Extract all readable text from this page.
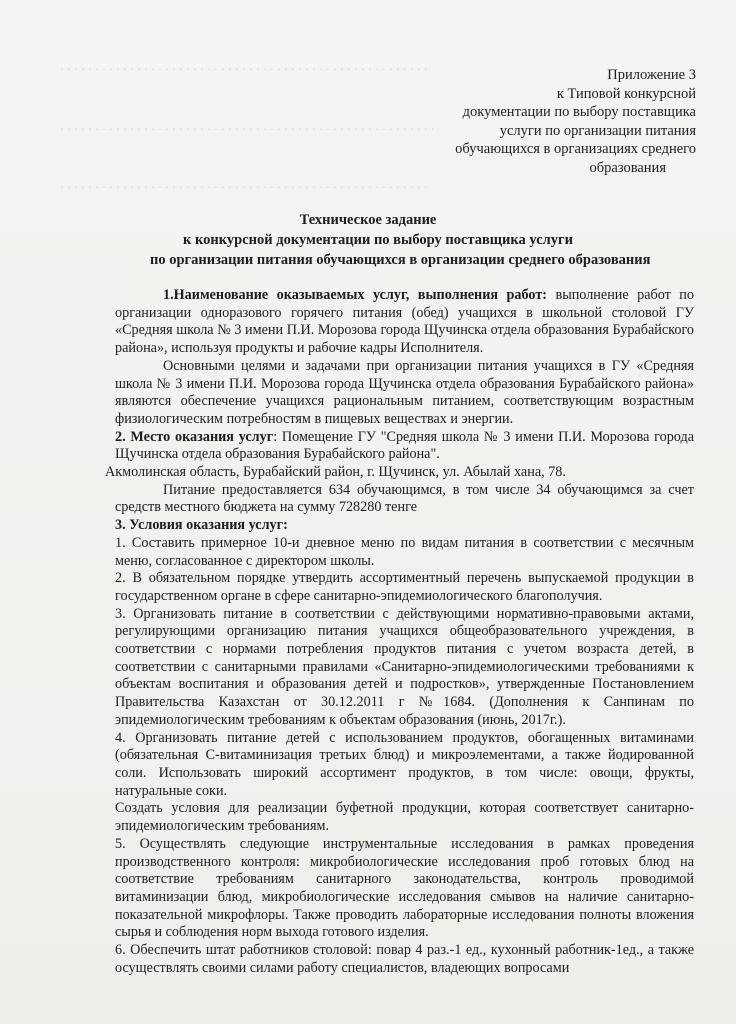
· · · · · · · · · · · · · · · · · · · · · · · · · · · · · · · · · · · · · · · · · · · · · · · · · · · · ·
· · · · · · · · · · · · · · · · · · · · · · · · · · · · · · · · · · · · · · · · · · · · · · · · · · · · · ·
· · · · · · · · · · · · · · · · · · · · · · · · · · · · · · · · · · · · · · · · · · · · · · · · · · · · ·
Приложение 3
к Типовой конкурсной
документации по выбору поставщика
услуги по организации питания
обучающихся в организациях среднего
образования
Техническое задание
к конкурсной документации по выбору поставщика услуги
по организации питания обучающихся в организации среднего образования

1.Наименование оказываемых услуг, выполнения работ: выполнение работ по организации одноразового горячего питания (обед) учащихся в школьной столовой ГУ «Средняя школа № 3 имени П.И. Морозова города Щучинска отдела образования Бурабайского района», используя продукты и рабочие кадры Исполнителя.

Основными целями и задачами при организации питания учащихся в ГУ «Средняя школа № 3 имени П.И. Морозова города Щучинска отдела образования Бурабайского района» являются обеспечение учащихся рациональным питанием, соответствующим возрастным физиологическим потребностям в пищевых веществах и энергии.

2. Место оказания услуг: Помещение ГУ "Средняя школа № 3 имени П.И. Морозова города Щучинска отдела образования Бурабайского района".

Акмолинская область, Бурабайский район, г. Щучинск, ул. Абылай хана, 78.

Питание предоставляется 634 обучающимся, в том числе 34 обучающимся за счет средств местного бюджета на сумму 728280 тенге

3. Условия оказания услуг:

1. Составить примерное 10-и дневное меню по видам питания в соответствии с месячным меню, согласованное с директором школы.

2. В обязательном порядке утвердить ассортиментный перечень выпускаемой продукции в государственном органе в сфере санитарно-эпидемиологического благополучия.

3. Организовать питание в соответствии с действующими нормативно-правовыми актами, регулирующими организацию питания учащихся общеобразовательного учреждения, в соответствии с нормами потребления продуктов питания с учетом возраста детей, в соответствии с санитарными правилами «Санитарно-эпидемиологическими требованиями к объектам воспитания и образования детей и подростков», утвержденные Постановлением Правительства Казахстан от 30.12.2011 г №1684. (Дополнения к Санпинам по эпидемиологическим требованиям к объектам образования (июнь, 2017г.).

4. Организовать питание детей с использованием продуктов, обогащенных витаминами (обязательная С-витаминизация третьих блюд) и микроэлементами, а также йодированной соли. Использовать широкий ассортимент продуктов, в том числе: овощи, фрукты, натуральные соки.

Создать условия для реализации буфетной продукции, которая соответствует санитарно-эпидемиологическим требованиям.

5. Осуществлять следующие инструментальные исследования в рамках проведения производственного контроля: микробиологические исследования проб готовых блюд на соответствие требованиям санитарного законодательства, контроль проводимой витаминизации блюд, микробиологические исследования смывов на наличие санитарно-показательной микрофлоры. Также проводить лабораторные исследования полноты вложения сырья и соблюдения норм выхода готового изделия.

6. Обеспечить штат работников столовой: повар 4 раз.-1 ед., кухонный работник-1ед., а также осуществлять своими силами работу специалистов, владеющих вопросами
